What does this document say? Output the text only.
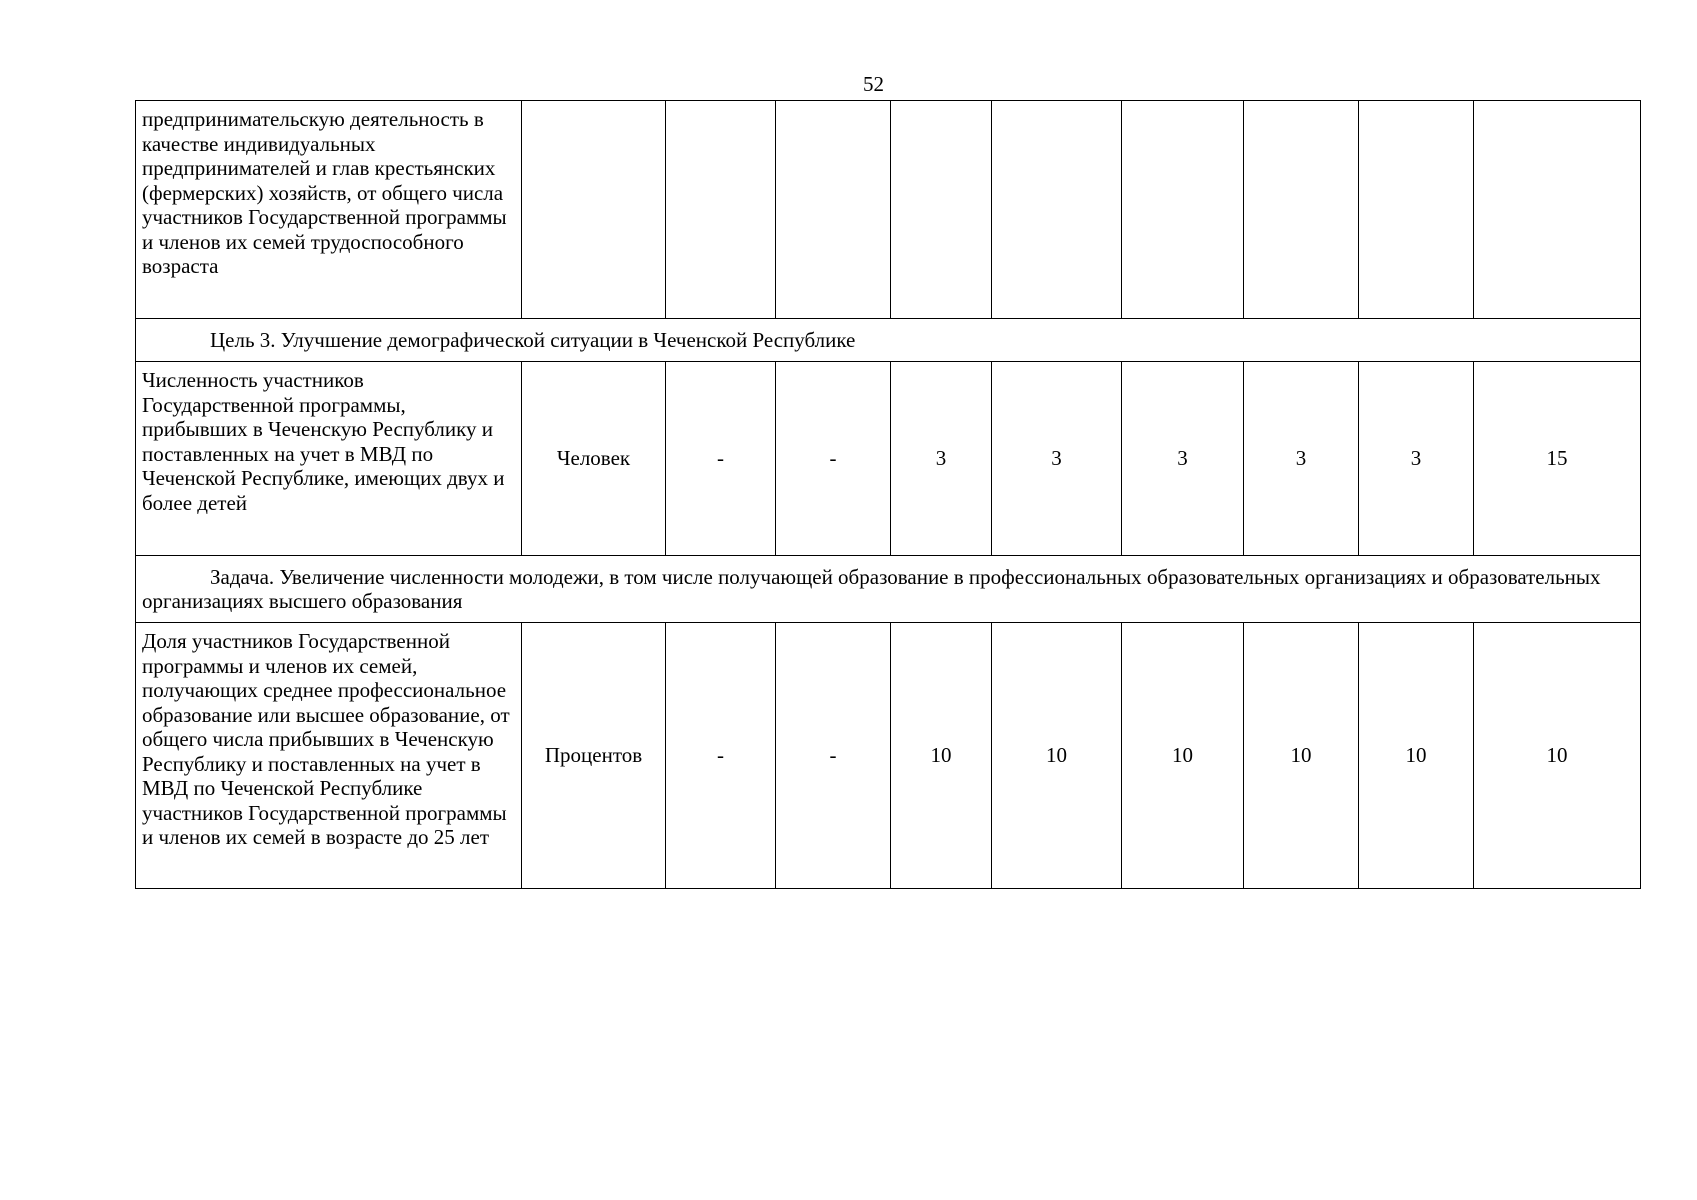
52
предпринимательскую деятельность в качестве индивидуальных предпринимателей и глав крестьянских (фермерских) хозяйств, от общего числа участников Государственной программы и членов их семей трудоспособного возраста									
Цель 3. Улучшение демографической ситуации в Чеченской Республике									
Численность участников Государственной программы, прибывших в Чеченскую Республику и поставленных на учет в МВД по Чеченской Республике, имеющих двух и более детей	Человек	-	-	3	3	3	3	3	15
Задача. Увеличение численности молодежи, в том числе получающей образование в профессиональных образовательных организациях и образовательных организациях высшего образования									
Доля участников Государственной программы и членов их семей, получающих среднее профессиональное образование или высшее образование, от общего числа прибывших в Чеченскую Республику и поставленных на учет в МВД по Чеченской Республике участников Государственной программы и членов их семей в возрасте до 25 лет	Процентов	-	-	10	10	10	10	10	10
